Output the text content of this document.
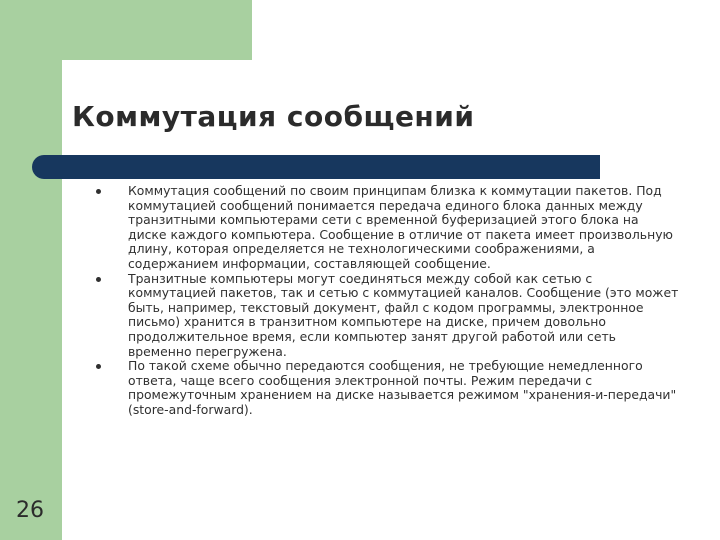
Коммутация сообщений
Коммутация сообщений по своим принципам близка к коммутации пакетов. Под коммутацией сообщений понимается передача единого блока данных между транзитными компьютерами сети с временной буферизацией этого блока на диске каждого компьютера. Сообщение в отличие от пакета имеет произвольную длину, которая определяется не технологическими соображениями, а содержанием информации, составляющей сообщение.
Транзитные компьютеры могут соединяться между собой как сетью с коммутацией пакетов, так и сетью с коммутацией каналов. Сообщение (это может быть, например, текстовый документ, файл с кодом программы, электронное письмо) хранится в транзитном компьютере на диске, причем довольно продолжительное время, если компьютер занят другой работой или сеть временно перегружена.
По такой схеме обычно передаются сообщения, не требующие немедленного ответа, чаще всего сообщения электронной почты. Режим передачи с промежуточным хранением на диске называется режимом "хранения-и-передачи" (store-and-forward).
26
